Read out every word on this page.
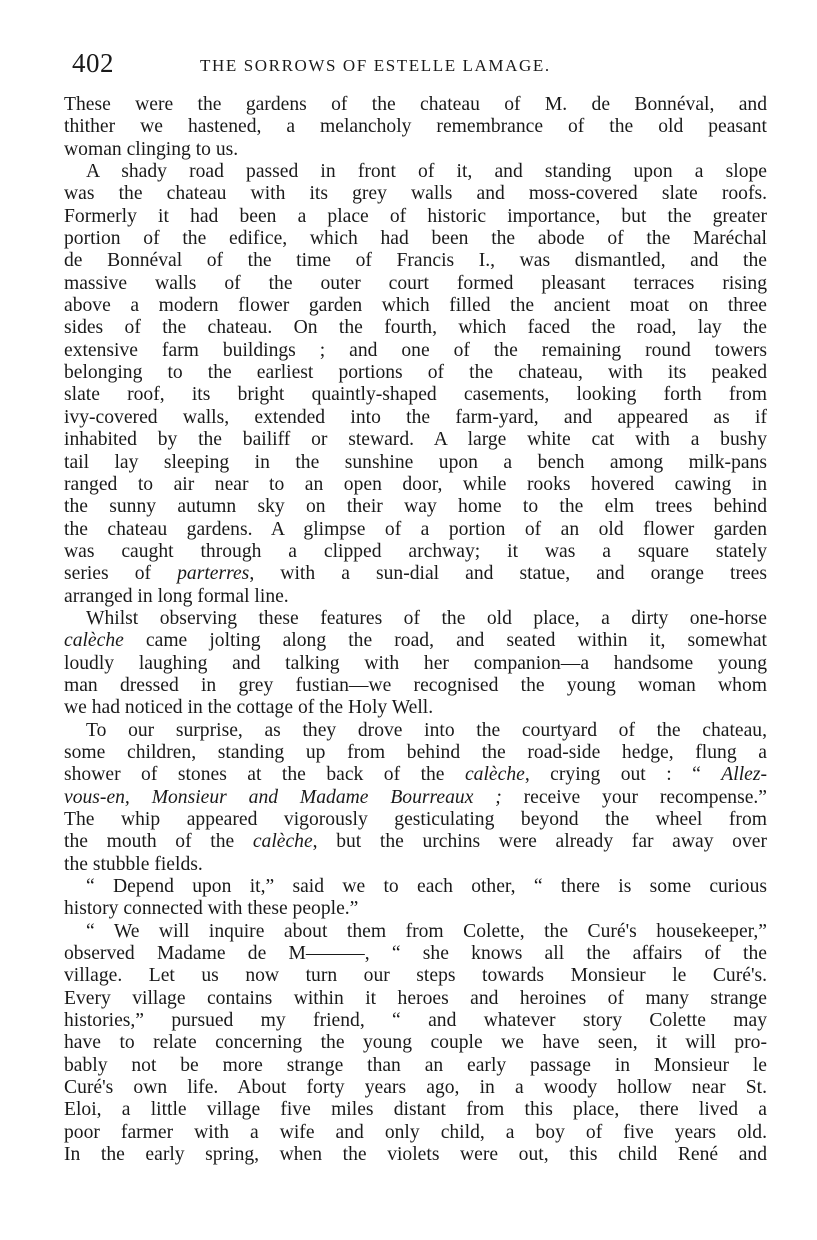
402	THE SORROWS OF ESTELLE LAMAGE.
These were the gardens of the chateau of M. de Bonnéval, and
thither we hastened, a melancholy remembrance of the old peasant
woman clinging to us.
A shady road passed in front of it, and standing upon a slope
was the chateau with its grey walls and moss-covered slate roofs.
Formerly it had been a place of historic importance, but the greater
portion of the edifice, which had been the abode of the Maréchal
de Bonnéval of the time of Francis I., was dismantled, and the
massive walls of the outer court formed pleasant terraces rising
above a modern flower garden which filled the ancient moat on three
sides of the chateau. On the fourth, which faced the road, lay the
extensive farm buildings ; and one of the remaining round towers
belonging to the earliest portions of the chateau, with its peaked
slate roof, its bright quaintly-shaped casements, looking forth from
ivy-covered walls, extended into the farm-yard, and appeared as if
inhabited by the bailiff or steward. A large white cat with a bushy
tail lay sleeping in the sunshine upon a bench among milk-pans
ranged to air near to an open door, while rooks hovered cawing in
the sunny autumn sky on their way home to the elm trees behind
the chateau gardens. A glimpse of a portion of an old flower garden
was caught through a clipped archway; it was a square stately
series of parterres, with a sun-dial and statue, and orange trees
arranged in long formal line.
Whilst observing these features of the old place, a dirty one-horse
calèche came jolting along the road, and seated within it, somewhat
loudly laughing and talking with her companion—a handsome young
man dressed in grey fustian—we recognised the young woman whom
we had noticed in the cottage of the Holy Well.
To our surprise, as they drove into the courtyard of the chateau,
some children, standing up from behind the road-side hedge, flung a
shower of stones at the back of the calèche, crying out : “ Allez-
vous-en, Monsieur and Madame Bourreaux ; receive your recompense.”
The whip appeared vigorously gesticulating beyond the wheel from
the mouth of the calèche, but the urchins were already far away over
the stubble fields.
“ Depend upon it,” said we to each other, “ there is some curious
history connected with these people.”
“ We will inquire about them from Colette, the Curé's housekeeper,”
observed Madame de M———, “ she knows all the affairs of the
village. Let us now turn our steps towards Monsieur le Curé's.
Every village contains within it heroes and heroines of many strange
histories,” pursued my friend, “ and whatever story Colette may
have to relate concerning the young couple we have seen, it will pro-
bably not be more strange than an early passage in Monsieur le
Curé's own life. About forty years ago, in a woody hollow near St.
Eloi, a little village five miles distant from this place, there lived a
poor farmer with a wife and only child, a boy of five years old.
In the early spring, when the violets were out, this child René and
